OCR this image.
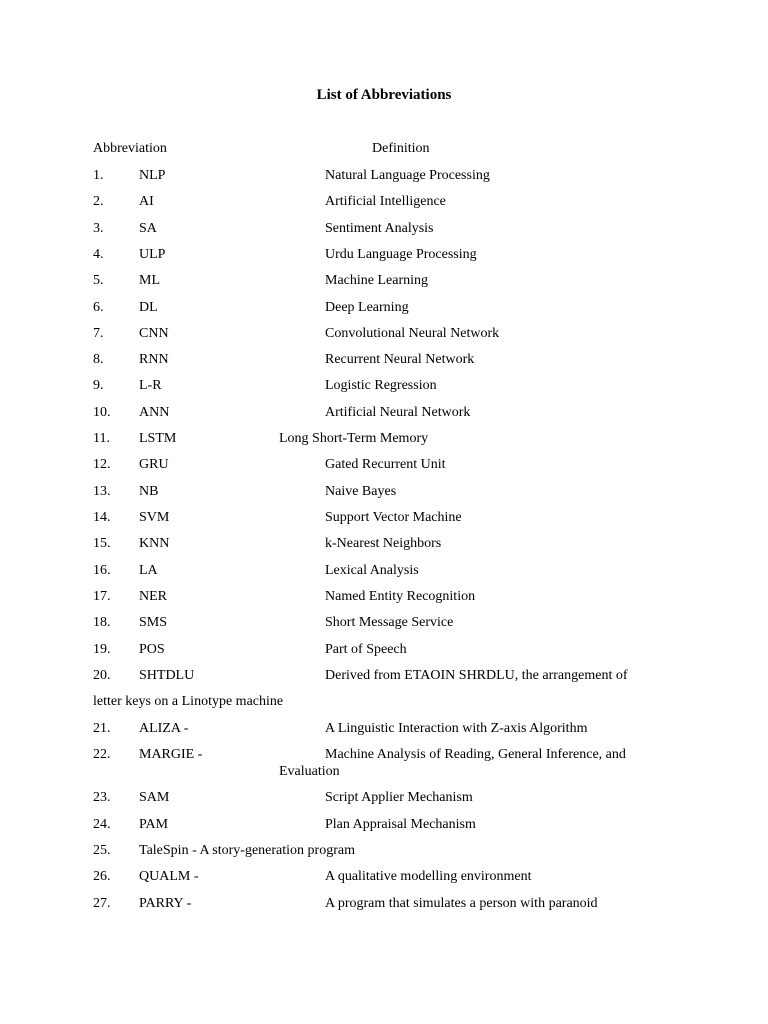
List of Abbreviations
Abbreviation	Definition
1.	NLP	Natural Language Processing
2.	AI	Artificial Intelligence
3.	SA	Sentiment Analysis
4.	ULP	Urdu Language Processing
5.	ML	Machine Learning
6.	DL	Deep Learning
7.	CNN	Convolutional Neural Network
8.	RNN	Recurrent Neural Network
9.	L-R	Logistic Regression
10. ANN	Artificial Neural Network
11. LSTM	Long Short-Term Memory
12. GRU	Gated Recurrent Unit
13. NB	Naive Bayes
14. SVM	Support Vector Machine
15. KNN	k-Nearest Neighbors
16. LA	Lexical Analysis
17. NER	Named Entity Recognition
18. SMS	Short Message Service
19. POS	Part of Speech
20. SHTDLU	Derived from ETAOIN SHRDLU, the arrangement of
letter keys on a Linotype machine
21. ALIZA -	A Linguistic Interaction with Z-axis Algorithm
22. MARGIE -	Machine Analysis of Reading, General Inference, and
Evaluation
23. SAM	Script Applier Mechanism
24. PAM	Plan Appraisal Mechanism
25. TaleSpin - A story-generation program
26. QUALM -	A qualitative modelling environment
27. PARRY -	A program that simulates a person with paranoid
